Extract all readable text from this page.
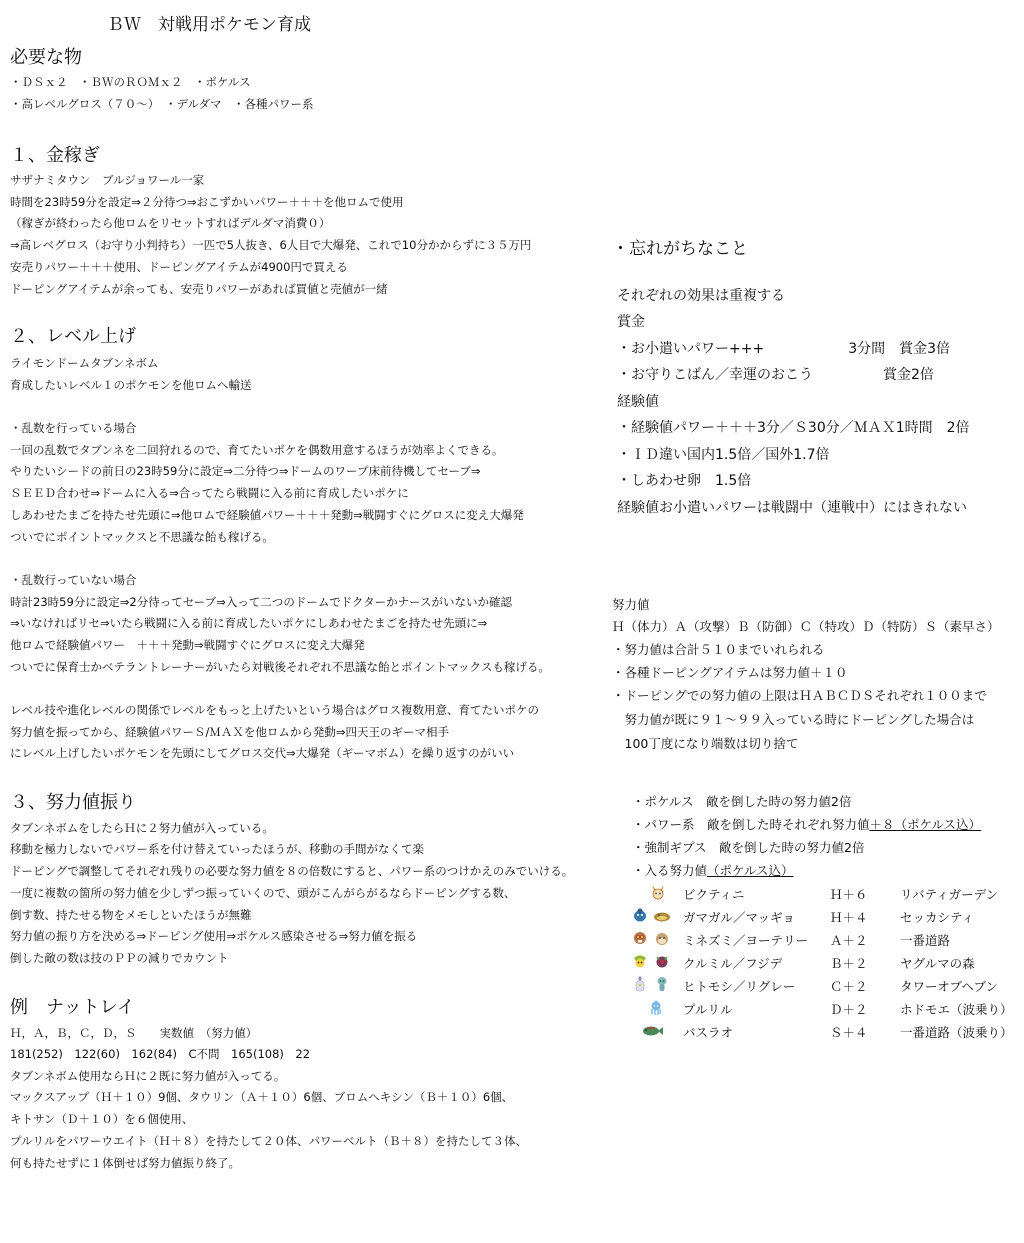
ＢＷ　対戦用ポケモン育成
必要な物
・ＤＳｘ２　・ＢＷのＲＯＭｘ２　・ポケルス
・高レベルグロス（７０～）　・デルダマ　・各種パワー系
１、金稼ぎ
サザナミタウン　ブルジョワール一家
時間を23時59分を設定⇒２分待つ⇒おこずかいパワー＋＋＋を他ロムで使用
（稼ぎが終わったら他ロムをリセットすればデルダマ消費０）
⇒高レベグロス（お守り小判持ち）一匹で5人抜き、6人目で大爆発、これで10分かからずに３５万円
安売りパワー＋＋＋使用、ドーピングアイテムが4900円で買える
ドーピングアイテムが余っても、安売りパワーがあれば買値と売値が一緒
２、レベル上げ
ライモンドームタブンネボム
育成したいレベル１のポケモンを他ロムへ輸送
・乱数を行っている場合
一回の乱数でタブンネを二回狩れるので、育てたいポケを偶数用意するほうが効率よくできる。
やりたいシードの前日の23時59分に設定⇒二分待つ⇒ドームのワープ床前待機してセーブ⇒
ＳＥＥＤ合わせ⇒ドームに入る⇒合ってたら戦闘に入る前に育成したいポケに
しあわせたまごを持たせ先頭に⇒他ロムで経験値パワー＋＋＋発動⇒戦闘すぐにグロスに変え大爆発
ついでにポイントマックスと不思議な飴も稼げる。
・乱数行っていない場合
時計23時59分に設定⇒2分待ってセーブ⇒入って二つのドームでドクターかナースがいないか確認
⇒いなければリセ⇒いたら戦闘に入る前に育成したいポケにしあわせたまごを持たせ先頭に⇒
他ロムで経験値パワー　＋＋＋発動⇒戦闘すぐにグロスに変え大爆発
ついでに保育士かベテラントレーナーがいたら対戦後それぞれ不思議な飴とポイントマックスも稼げる。
レベル技や進化レベルの関係でレベルをもっと上げたいという場合はグロス複数用意、育てたいポケの
努力値を振ってから、経験値パワーＳ/ＭＡＸを他ロムから発動⇒四天王のギーマ相手
にレベル上げしたいポケモンを先頭にしてグロス交代⇒大爆発（ギーマボム）を繰り返すのがいい
３、努力値振り
タブンネボムをしたらＨに２努力値が入っている。
移動を極力しないでパワー系を付け替えていったほうが、移動の手間がなくて楽
ドーピングで調整してそれぞれ残りの必要な努力値を８の倍数にすると、パワー系のつけかえのみでいける。
一度に複数の箇所の努力値を少しずつ振っていくので、頭がこんがらがるならドーピングする数、
倒す数、持たせる物をメモしといたほうが無難
努力値の振り方を決める⇒ドーピング使用⇒ポケルス感染させる⇒努力値を振る
倒した敵の数は技のＰＰの減りでカウント
例　ナットレイ
Ｈ，Ａ，Ｂ，Ｃ，Ｄ，Ｓ　　実数値　（努力値）
181(252)　122(60)　162(84)　C不問　165(108)　22
タブンネボム使用ならＨに２既に努力値が入ってる。
マックスアップ（Ｈ＋１０）9個、タウリン（Ａ＋１０）6個、ブロムヘキシン（Ｂ＋１０）6個、
キトサン（Ｄ＋１０）を６個使用、
プルリルをパワーウエイト（Ｈ＋８）を持たして２０体、パワーベルト（Ｂ＋８）を持たして３体、
何も持たせずに１体倒せば努力値振り終了。
・忘れがちなこと
それぞれの効果は重複する
賞金
・お小遣いパワー+++　　　　　　3分間　賞金3倍
・お守りこばん／幸運のおこう　　　　　賞金2倍
経験値
・経験値パワー＋＋＋3分／Ｓ30分／ＭＡＸ1時間　2倍
・ＩＤ違い国内1.5倍／国外1.7倍
・しあわせ卵　1.5倍
経験値お小遣いパワーは戦闘中（連戦中）にはきれない
努力値
Ｈ（体力）Ａ（攻撃）Ｂ（防御）Ｃ（特攻）Ｄ（特防）Ｓ（素早さ）
・努力値は合計５１０までいれられる
・各種ドーピングアイテムは努力値＋１０
・ドーピングでの努力値の上限はＨＡＢＣＤＳそれぞれ１００まで
　努力値が既に９１～９９入っている時にドーピングした場合は
　100丁度になり端数は切り捨て
・ポケルス　敵を倒した時の努力値2倍
・パワー系　敵を倒した時それぞれ努力値＋８（ポケルス込）
・強制ギプス　敵を倒した時の努力値2倍
・入る努力値（ポケルス込）
ビクティニ	Ｈ＋６	リバティガーデン
ガマガル／マッギョ	Ｈ＋４	セッカシティ
ミネズミ／ヨーテリー Ａ＋２	一番道路
クルミル／フジデ	Ｂ＋２	ヤグルマの森
ヒトモシ／リグレー	Ｃ＋２	タワーオブヘブン
プルリル	Ｄ＋２	ホドモエ（波乗り）
バスラオ	Ｓ＋４	一番道路（波乗り）
